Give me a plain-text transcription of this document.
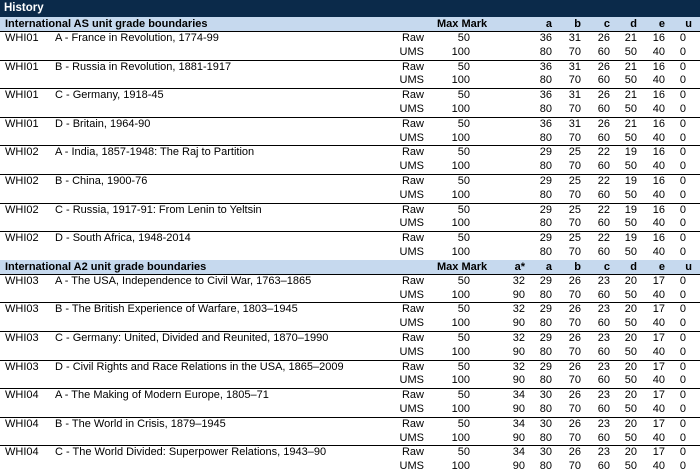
History
International AS unit grade boundaries	Max Mark	a	b	c	d	e	u
WHI01 A - France in Revolution, 1774-99	Raw	50	36	31	26	21	16	0
UMS	100	80	70	60	50	40	0
WHI01 B - Russia in Revolution, 1881-1917	Raw	50	36	31	26	21	16	0
UMS	100	80	70	60	50	40	0
WHI01 C - Germany, 1918-45	Raw	50	36	31	26	21	16	0
UMS	100	80	70	60	50	40	0
WHI01 D - Britain, 1964-90	Raw	50	36	31	26	21	16	0
UMS	100	80	70	60	50	40	0
WHI02 A - India, 1857-1948: The Raj to Partition	Raw	50	29	25	22	19	16	0
UMS	100	80	70	60	50	40	0
WHI02 B - China, 1900-76	Raw	50	29	25	22	19	16	0
UMS	100	80	70	60	50	40	0
WHI02 C - Russia, 1917-91: From Lenin to Yeltsin	Raw	50	29	25	22	19	16	0
UMS	100	80	70	60	50	40	0
WHI02 D - South Africa, 1948-2014	Raw	50	29	25	22	19	16	0
UMS	100	80	70	60	50	40	0
International A2 unit grade boundaries	Max Mark	a*	a	b	c	d	e	u
WHI03 A - The USA, Independence to Civil War, 1763–1865	Raw	50	32	29	26	23	20	17	0
UMS	100	90	80	70	60	50	40	0
WHI03 B - The British Experience of Warfare, 1803–1945	Raw	50	32	29	26	23	20	17	0
UMS	100	90	80	70	60	50	40	0
WHI03 C - Germany: United, Divided and Reunited, 1870–1990	Raw	50	32	29	26	23	20	17	0
UMS	100	90	80	70	60	50	40	0
WHI03 D - Civil Rights and Race Relations in the USA, 1865–2009	Raw	50	32	29	26	23	20	17	0
UMS	100	90	80	70	60	50	40	0
WHI04 A - The Making of Modern Europe, 1805–71	Raw	50	34	30	26	23	20	17	0
UMS	100	90	80	70	60	50	40	0
WHI04 B - The World in Crisis, 1879–1945	Raw	50	34	30	26	23	20	17	0
UMS	100	90	80	70	60	50	40	0
WHI04 C - The World Divided: Superpower Relations, 1943–90	Raw	50	34	30	26	23	20	17	0
UMS	100	90	80	70	60	50	40	0
